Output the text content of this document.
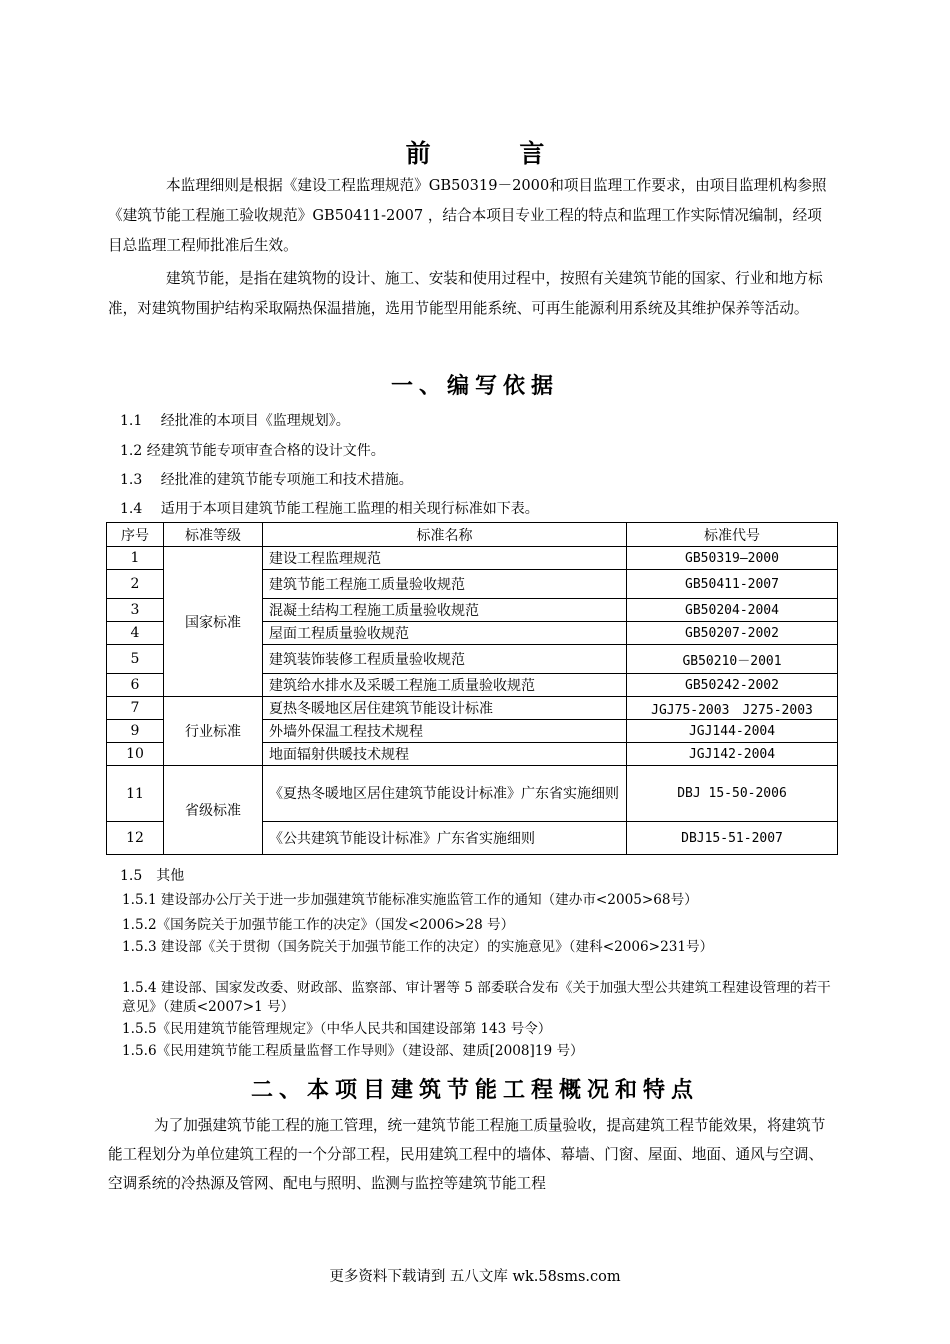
前 言

本监理细则是根据《建设工程监理规范》GB50319－2000和项目监理工作要求，由项目监理机构参照《建筑节能工程施工验收规范》GB50411-2007 ，结合本项目专业工程的特点和监理工作实际情况编制，经项目总监理工程师批准后生效。

建筑节能，是指在建筑物的设计、施工、安装和使用过程中，按照有关建筑节能的国家、行业和地方标准，对建筑物围护结构采取隔热保温措施，选用节能型用能系统、可再生能源利用系统及其维护保养等活动。

一、编写依据
1.1　 经批准的本项目《监理规划》。
1.2 经建筑节能专项审查合格的设计文件。
1.3　 经批准的建筑节能专项施工和技术措施。
1.4　 适用于本项目建筑节能工程施工监理的相关现行标准如下表。
序号	标准等级	标准名称	标准代号
1	国家标准	建设工程监理规范	GB50319—2000
2		建筑节能工程施工质量验收规范	GB50411-2007
3		混凝土结构工程施工质量验收规范	GB50204-2004
4		屋面工程质量验收规范	GB50207-2002
5		建筑装饰装修工程质量验收规范	GB50210－2001
6		建筑给水排水及采暖工程施工质量验收规范	GB50242-2002
7	行业标准	夏热冬暖地区居住建筑节能设计标准	JGJ75-2003　J275-2003
9		外墙外保温工程技术规程	JGJ144-2004
10		地面辐射供暖技术规程	JGJ142-2004
11	省级标准	《夏热冬暖地区居住建筑节能设计标准》广东省实施细则	DBJ 15-50-2006
12		《公共建筑节能设计标准》广东省实施细则	DBJ15-51-2007
1.5　其他
1.5.1 建设部办公厅关于进一步加强建筑节能标准实施监管工作的通知（建办市<2005>68号）
1.5.2《国务院关于加强节能工作的决定》（国发<2006>28 号）
1.5.3 建设部《关于贯彻（国务院关于加强节能工作的决定）的实施意见》（建科<2006>231号）
1.5.4 建设部、国家发改委、财政部、监察部、审计署等 5 部委联合发布《关于加强大型公共建筑工程建设管理的若干意见》（建质<2007>1 号）
1.5.5《民用建筑节能管理规定》（中华人民共和国建设部第 143 号令）
1.5.6《民用建筑节能工程质量监督工作导则》（建设部、建质[2008]19 号）
二、本项目建筑节能工程概况和特点

为了加强建筑节能工程的施工管理，统一建筑节能工程施工质量验收，提高建筑工程节能效果，将建筑节能工程划分为单位建筑工程的一个分部工程，民用建筑工程中的墙体、幕墙、门窗、屋面、地面、通风与空调、空调系统的冷热源及管网、配电与照明、监测与监控等建筑节能工程

更多资料下载请到 五八文库 wk.58sms.com
